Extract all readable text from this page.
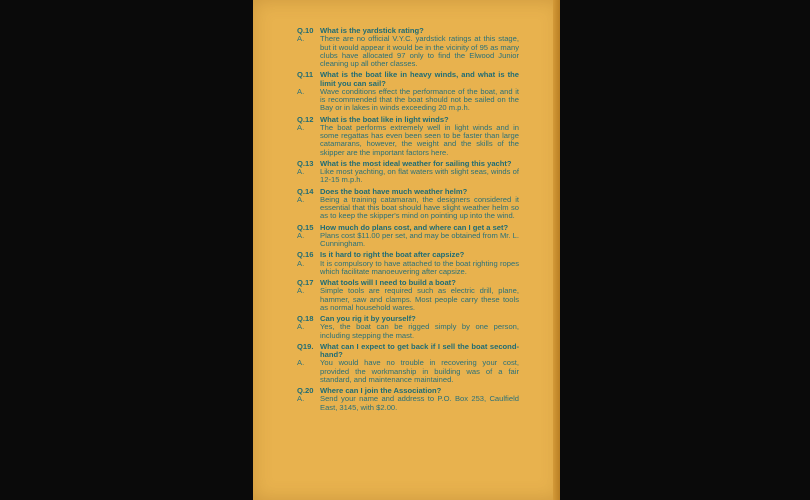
Q.10 What is the yardstick rating?
A.	There are no official V.Y.C. yardstick ratings at this stage, but it would appear it would be in the vicinity of 95 as many clubs have allocated 97 only to find the Elwood Junior cleaning up all other classes.
Q.11 What is the boat like in heavy winds, and what is the limit you can sail?
A.	Wave conditions effect the performance of the boat, and it is recommended that the boat should not be sailed on the Bay or in lakes in winds exceeding 20 m.p.h.
Q.12 What is the boat like in light winds?
A.	The boat performs extremely well in light winds and in some regattas has even been seen to be faster than large catamarans, however, the weight and the skills of the skipper are the important factors here.
Q.13 What is the most ideal weather for sailing this yacht?
A.	Like most yachting, on flat waters with slight seas, winds of 12-15 m.p.h.
Q.14 Does the boat have much weather helm?
A.	Being a training catamaran, the designers considered it essential that this boat should have slight weather helm so as to keep the skipper's mind on pointing up into the wind.
Q.15 How much do plans cost, and where can I get a set?
A.	Plans cost $11.00 per set, and may be obtained from Mr. L. Cunningham.
Q.16 Is it hard to right the boat after capsize?
A.	It is compulsory to have attached to the boat righting ropes which facilitate manoeuvering after capsize.
Q.17 What tools will I need to build a boat?
A.	Simple tools are required such as electric drill, plane, hammer, saw and clamps. Most people carry these tools as normal household wares.
Q.18 Can you rig it by yourself?
A.	Yes, the boat can be rigged simply by one person, including stepping the mast.
Q19. What can I expect to get back if I sell the boat second-hand?
A.	You would have no trouble in recovering your cost, provided the workmanship in building was of a fair standard, and maintenance maintained.
Q.20 Where can I join the Association?
A.	Send your name and address to P.O. Box 253, Caulfield East, 3145, with $2.00.
